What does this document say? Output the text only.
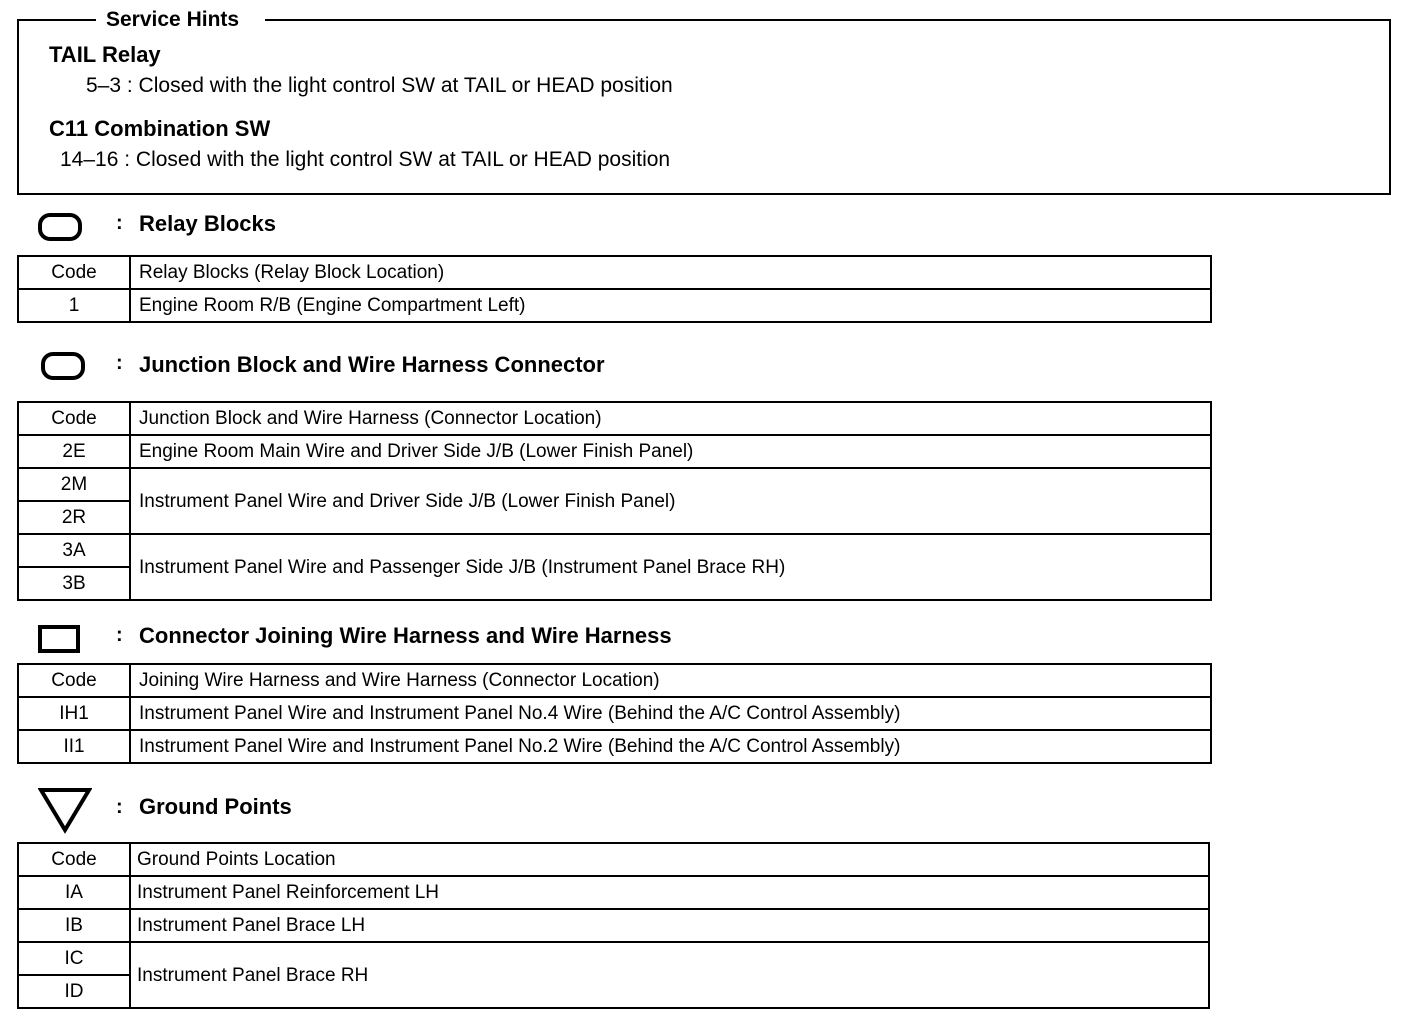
Service Hints
TAIL Relay
5–3 : Closed with the light control SW at TAIL or HEAD position
C11 Combination SW
14–16 : Closed with the light control SW at TAIL or HEAD position
: Relay Blocks
Code	Relay Blocks (Relay Block Location)
1	Engine Room R/B (Engine Compartment Left)
: Junction Block and Wire Harness Connector
Code	Junction Block and Wire Harness (Connector Location)
2E	Engine Room Main Wire and Driver Side J/B (Lower Finish Panel)
2M	Instrument Panel Wire and Driver Side J/B (Lower Finish Panel)
2R	
3A	Instrument Panel Wire and Passenger Side J/B (Instrument Panel Brace RH)
3B	
: Connector Joining Wire Harness and Wire Harness
Code	Joining Wire Harness and Wire Harness (Connector Location)
IH1	Instrument Panel Wire and Instrument Panel No.4 Wire (Behind the A/C Control Assembly)
II1	Instrument Panel Wire and Instrument Panel No.2 Wire (Behind the A/C Control Assembly)
: Ground Points
Code	Ground Points Location
IA	Instrument Panel Reinforcement LH
IB	Instrument Panel Brace LH
IC	Instrument Panel Brace RH
ID	
